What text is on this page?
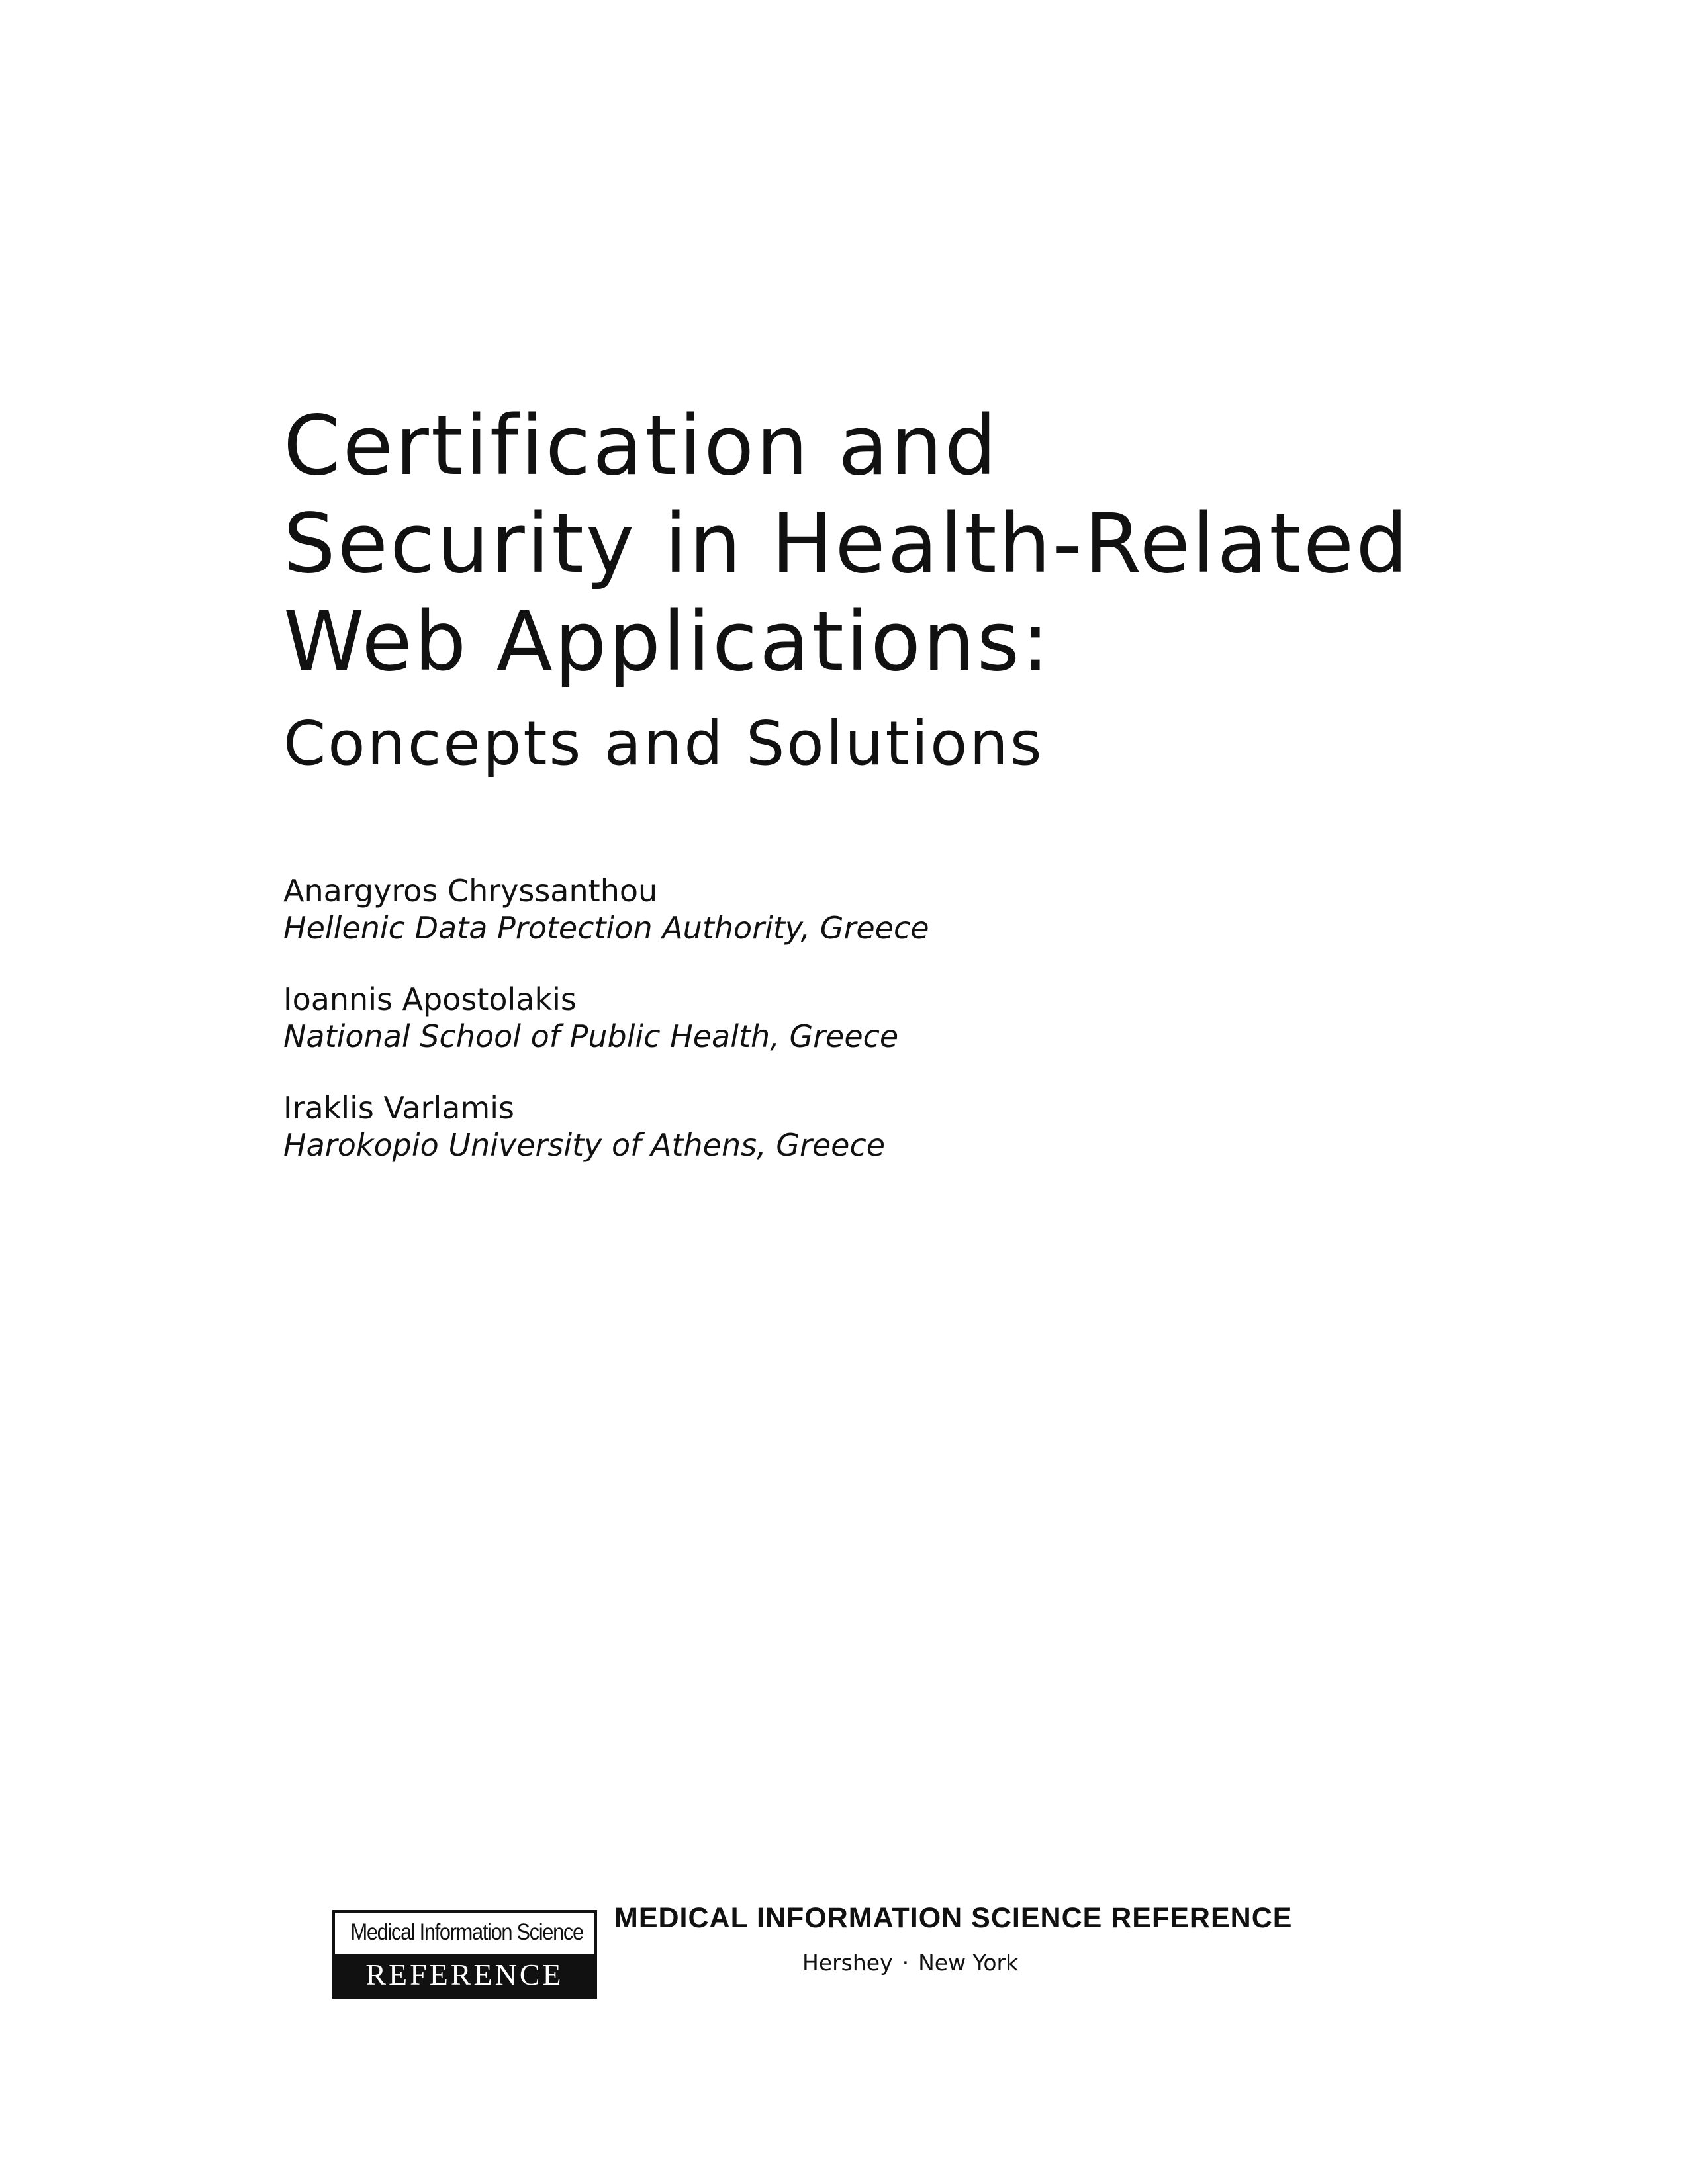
Certification and
Security in Health-Related
Web Applications:
Concepts and Solutions
Anargyros Chryssanthou
Hellenic Data Protection Authority, Greece
Ioannis Apostolakis
National School of Public Health, Greece
Iraklis Varlamis
Harokopio University of Athens, Greece
Medical Information Science
REFERENCE
MEDICAL INFORMATION SCIENCE REFERENCE
Hershey · New York
